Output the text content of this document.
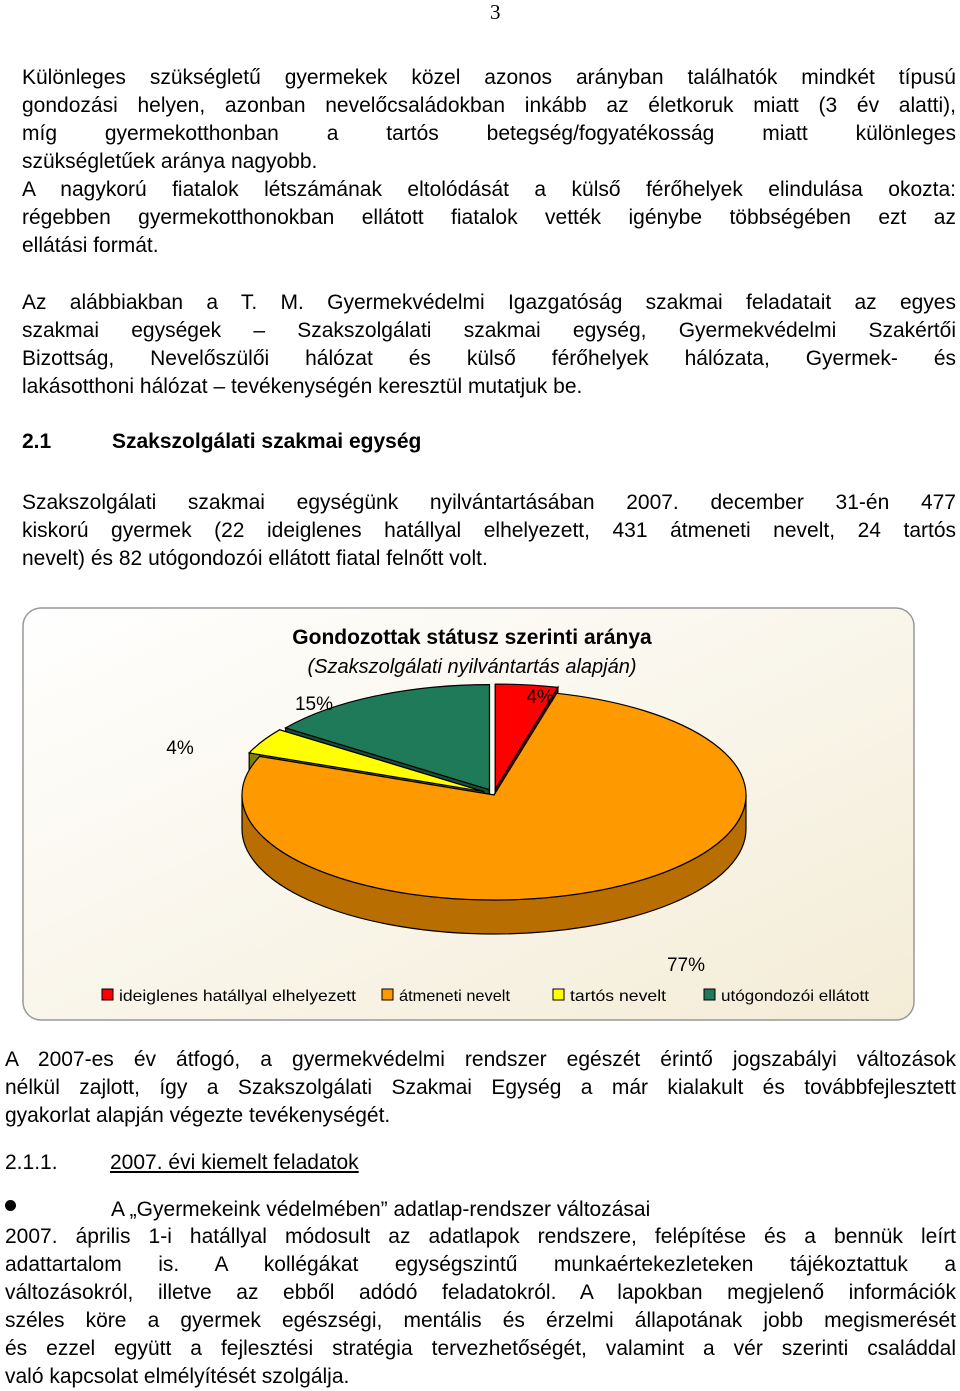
3
Különleges szükségletű gyermekek közel azonos arányban találhatók mindkét típusú
gondozási helyen, azonban nevelőcsaládokban inkább az életkoruk miatt (3 év alatti),
míg gyermekotthonban a tartós betegség/fogyatékosság miatt különleges
szükségletűek aránya nagyobb.
A nagykorú fiatalok létszámának eltolódását a külső férőhelyek elindulása okozta:
régebben gyermekotthonokban ellátott fiatalok vették igénybe többségében ezt az
ellátási formát.
Az alábbiakban a T. M. Gyermekvédelmi Igazgatóság szakmai feladatait az egyes
szakmai egységek – Szakszolgálati szakmai egység, Gyermekvédelmi Szakértői
Bizottság, Nevelőszülői hálózat és külső férőhelyek hálózata, Gyermek- és
lakásotthoni hálózat – tevékenységén keresztül mutatjuk be.
2.1	Szakszolgálati szakmai egység
Szakszolgálati szakmai egységünk nyilvántartásában 2007. december 31-én 477
kiskorú gyermek (22 ideiglenes hatállyal elhelyezett, 431 átmeneti nevelt, 24 tartós
nevelt) és 82 utógondozói ellátott fiatal felnőtt volt.
Gondozottak státusz szerinti aránya
(Szakszolgálati nyilvántartás alapján)
4%
77%
4%
15%
ideiglenes hatállyal elhelyezett	átmeneti nevelt	tartós nevelt	utógondozói ellátott
A 2007-es év átfogó, a gyermekvédelmi rendszer egészét érintő jogszabályi változások
nélkül zajlott, így a Szakszolgálati Szakmai Egység a már kialakult és továbbfejlesztett
gyakorlat alapján végezte tevékenységét.
2.1.1. 2007. évi kiemelt feladatok
A „Gyermekeink védelmében” adatlap-rendszer változásai
2007. április 1-i hatállyal módosult az adatlapok rendszere, felépítése és a bennük leírt
adattartalom is. A kollégákat egységszintű munkaértekezleteken tájékoztattuk a
változásokról, illetve az ebből adódó feladatokról. A lapokban megjelenő információk
széles köre a gyermek egészségi, mentális és érzelmi állapotának jobb megismerését
és ezzel együtt a fejlesztési stratégia tervezhetőségét, valamint a vér szerinti családdal
való kapcsolat elmélyítését szolgálja.
